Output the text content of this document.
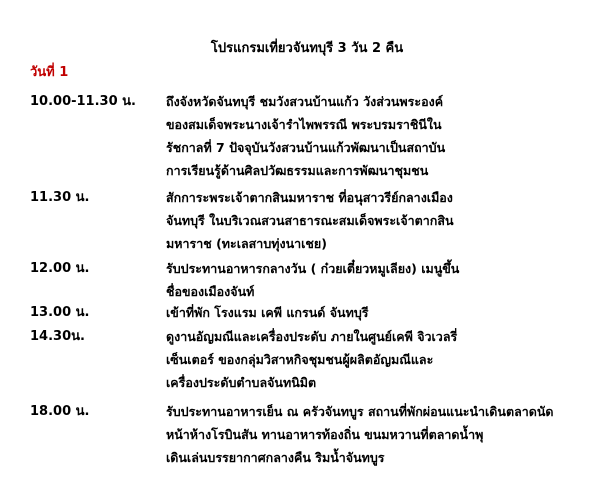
โปรแกรมเที่ยวจันทบุรี 3 วัน 2 คืน
วันที่ 1
10.00-11.30 น. ถึงจังหวัดจันทบุรี ชมวังสวนบ้านแก้ว วังส่วนพระองค์
ของสมเด็จพระนางเจ้ารำไพพรรณี พระบรมราชินีใน
รัชกาลที่ 7 ปัจจุบันวังสวนบ้านแก้วพัฒนาเป็นสถาบัน
การเรียนรู้ด้านศิลปวัฒธรรมและการพัฒนาชุมชน
11.30 น.	สักการะพระเจ้าตากสินมหาราช ที่อนุสาวรีย์กลางเมือง
จันทบุรี ในบริเวณสวนสาธารณะสมเด็จพระเจ้าตากสิน
มหาราช (ทะเลสาบทุ่งนาเชย)
12.00 น.	รับประทานอาหารกลางวัน ( ก๋วยเตี๋ยวหมูเลียง) เมนูขึ้น
ชื่อของเมืองจันท์
13.00 น.	เข้าที่พัก โรงแรม เคพี แกรนด์ จันทบุรี
14.30น.	ดูงานอัญมณีและเครื่องประดับ ภายในศูนย์เคพี จิวเวลรี่
เซ็นเตอร์ ของกลุ่มวิสาหกิจชุมชนผู้ผลิตอัญมณีและ
เครื่องประดับตำบลจันทนิมิต
18.00 น.	รับประทานอาหารเย็น ณ ครัวจันทบูร สถานที่พักผ่อนแนะนำเดินตลาดนัด
หน้าห้างโรบินสัน ทานอาหารท้องถิ่น ขนมหวานที่ตลาดน้ำพุ
เดินเล่นบรรยากาศกลางคืน ริมน้ำจันทบูร
